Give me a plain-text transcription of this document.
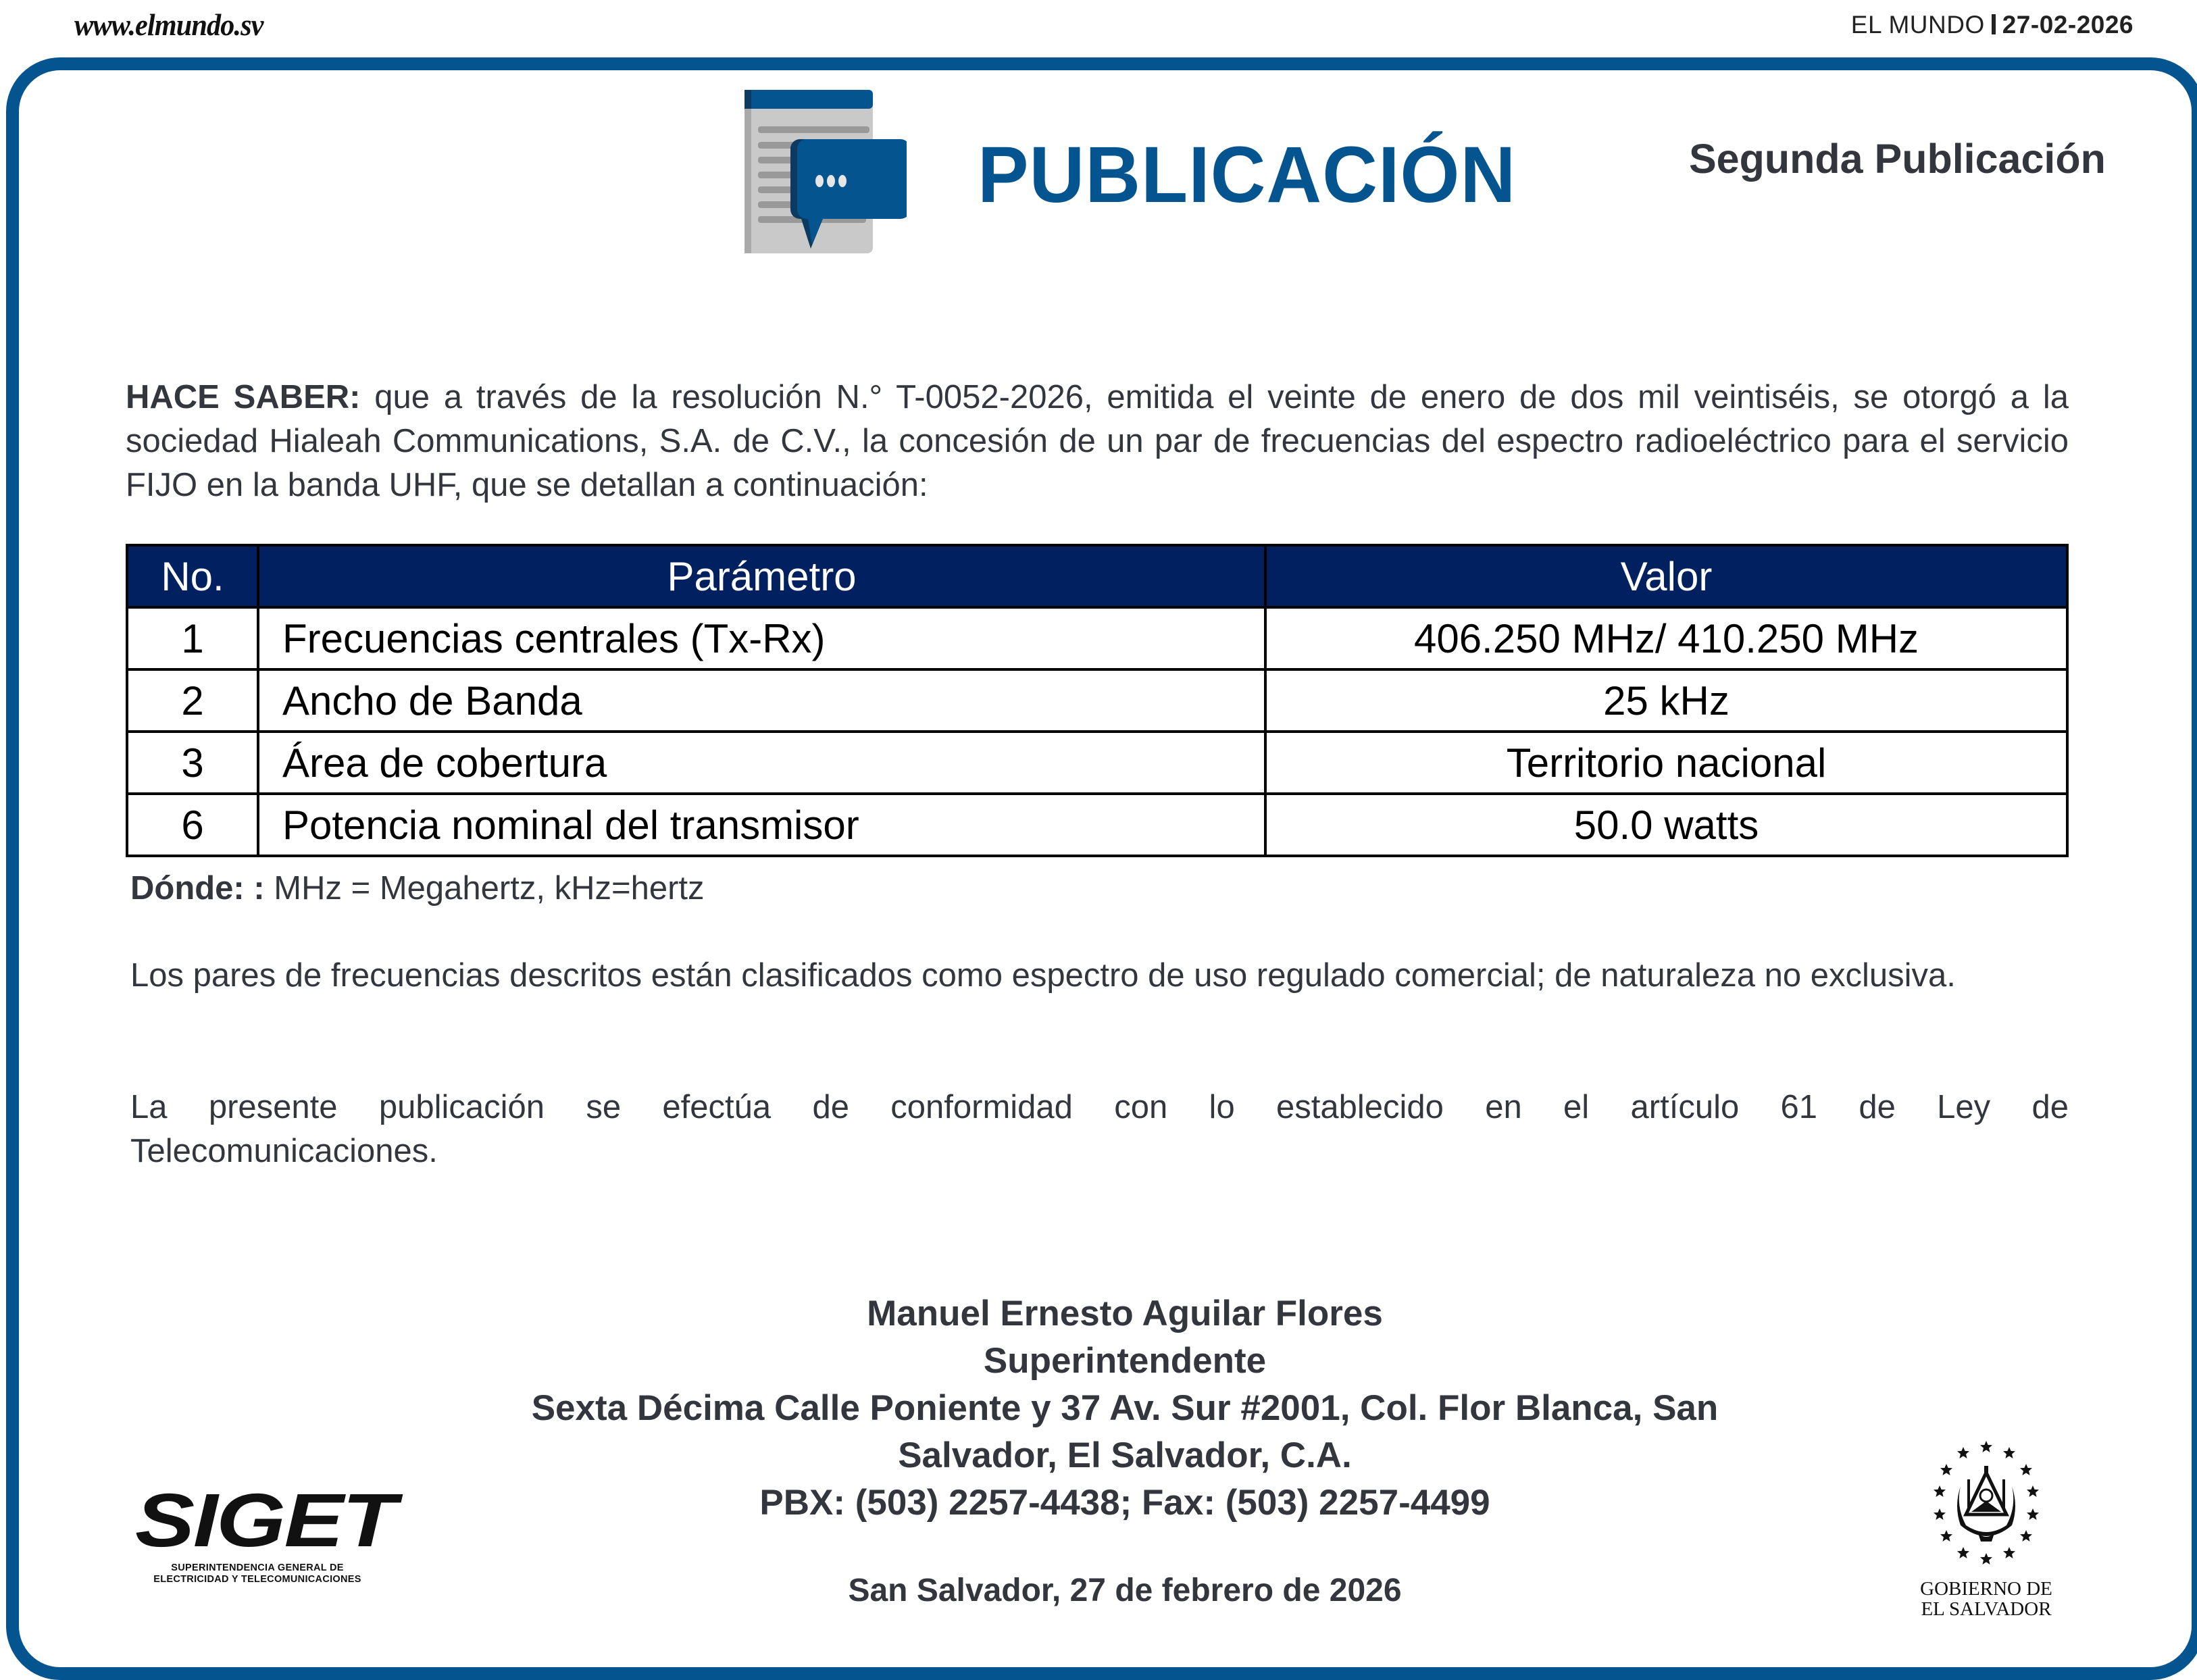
www.elmundo.sv	EL MUNDO 27-02-2026
PUBLICACIÓN	Segunda Publicación
HACE SABER: que a través de la resolución N.° T-0052-2026, emitida el veinte de enero de dos mil veintiséis, se otorgó a la sociedad Hialeah Communications, S.A. de C.V., la concesión de un par de frecuencias del espectro radioeléctrico para el servicio FIJO en la banda UHF, que se detallan a continuación:
No.	Parámetro	Valor
1	Frecuencias centrales (Tx-Rx)	406.250 MHz/ 410.250 MHz
2	Ancho de Banda	25 kHz
3	Área de cobertura	Territorio nacional
6	Potencia nominal del transmisor	50.0 watts
Dónde: : MHz = Megahertz, kHz=hertz
Los pares de frecuencias descritos están clasificados como espectro de uso regulado comercial; de naturaleza no exclusiva.
La presente publicación se efectúa de conformidad con lo establecido en el artículo 61 de Ley de
Telecomunicaciones.
Manuel Ernesto Aguilar Flores
Superintendente
Sexta Décima Calle Poniente y 37 Av. Sur #2001, Col. Flor Blanca, San
Salvador, El Salvador, C.A.
PBX: (503) 2257-4438; Fax: (503) 2257-4499
San Salvador, 27 de febrero de 2026
SIGET
SUPERINTENDENCIA GENERAL DE
ELECTRICIDAD Y TELECOMUNICACIONES	GOBIERNO DE
EL SALVADOR
